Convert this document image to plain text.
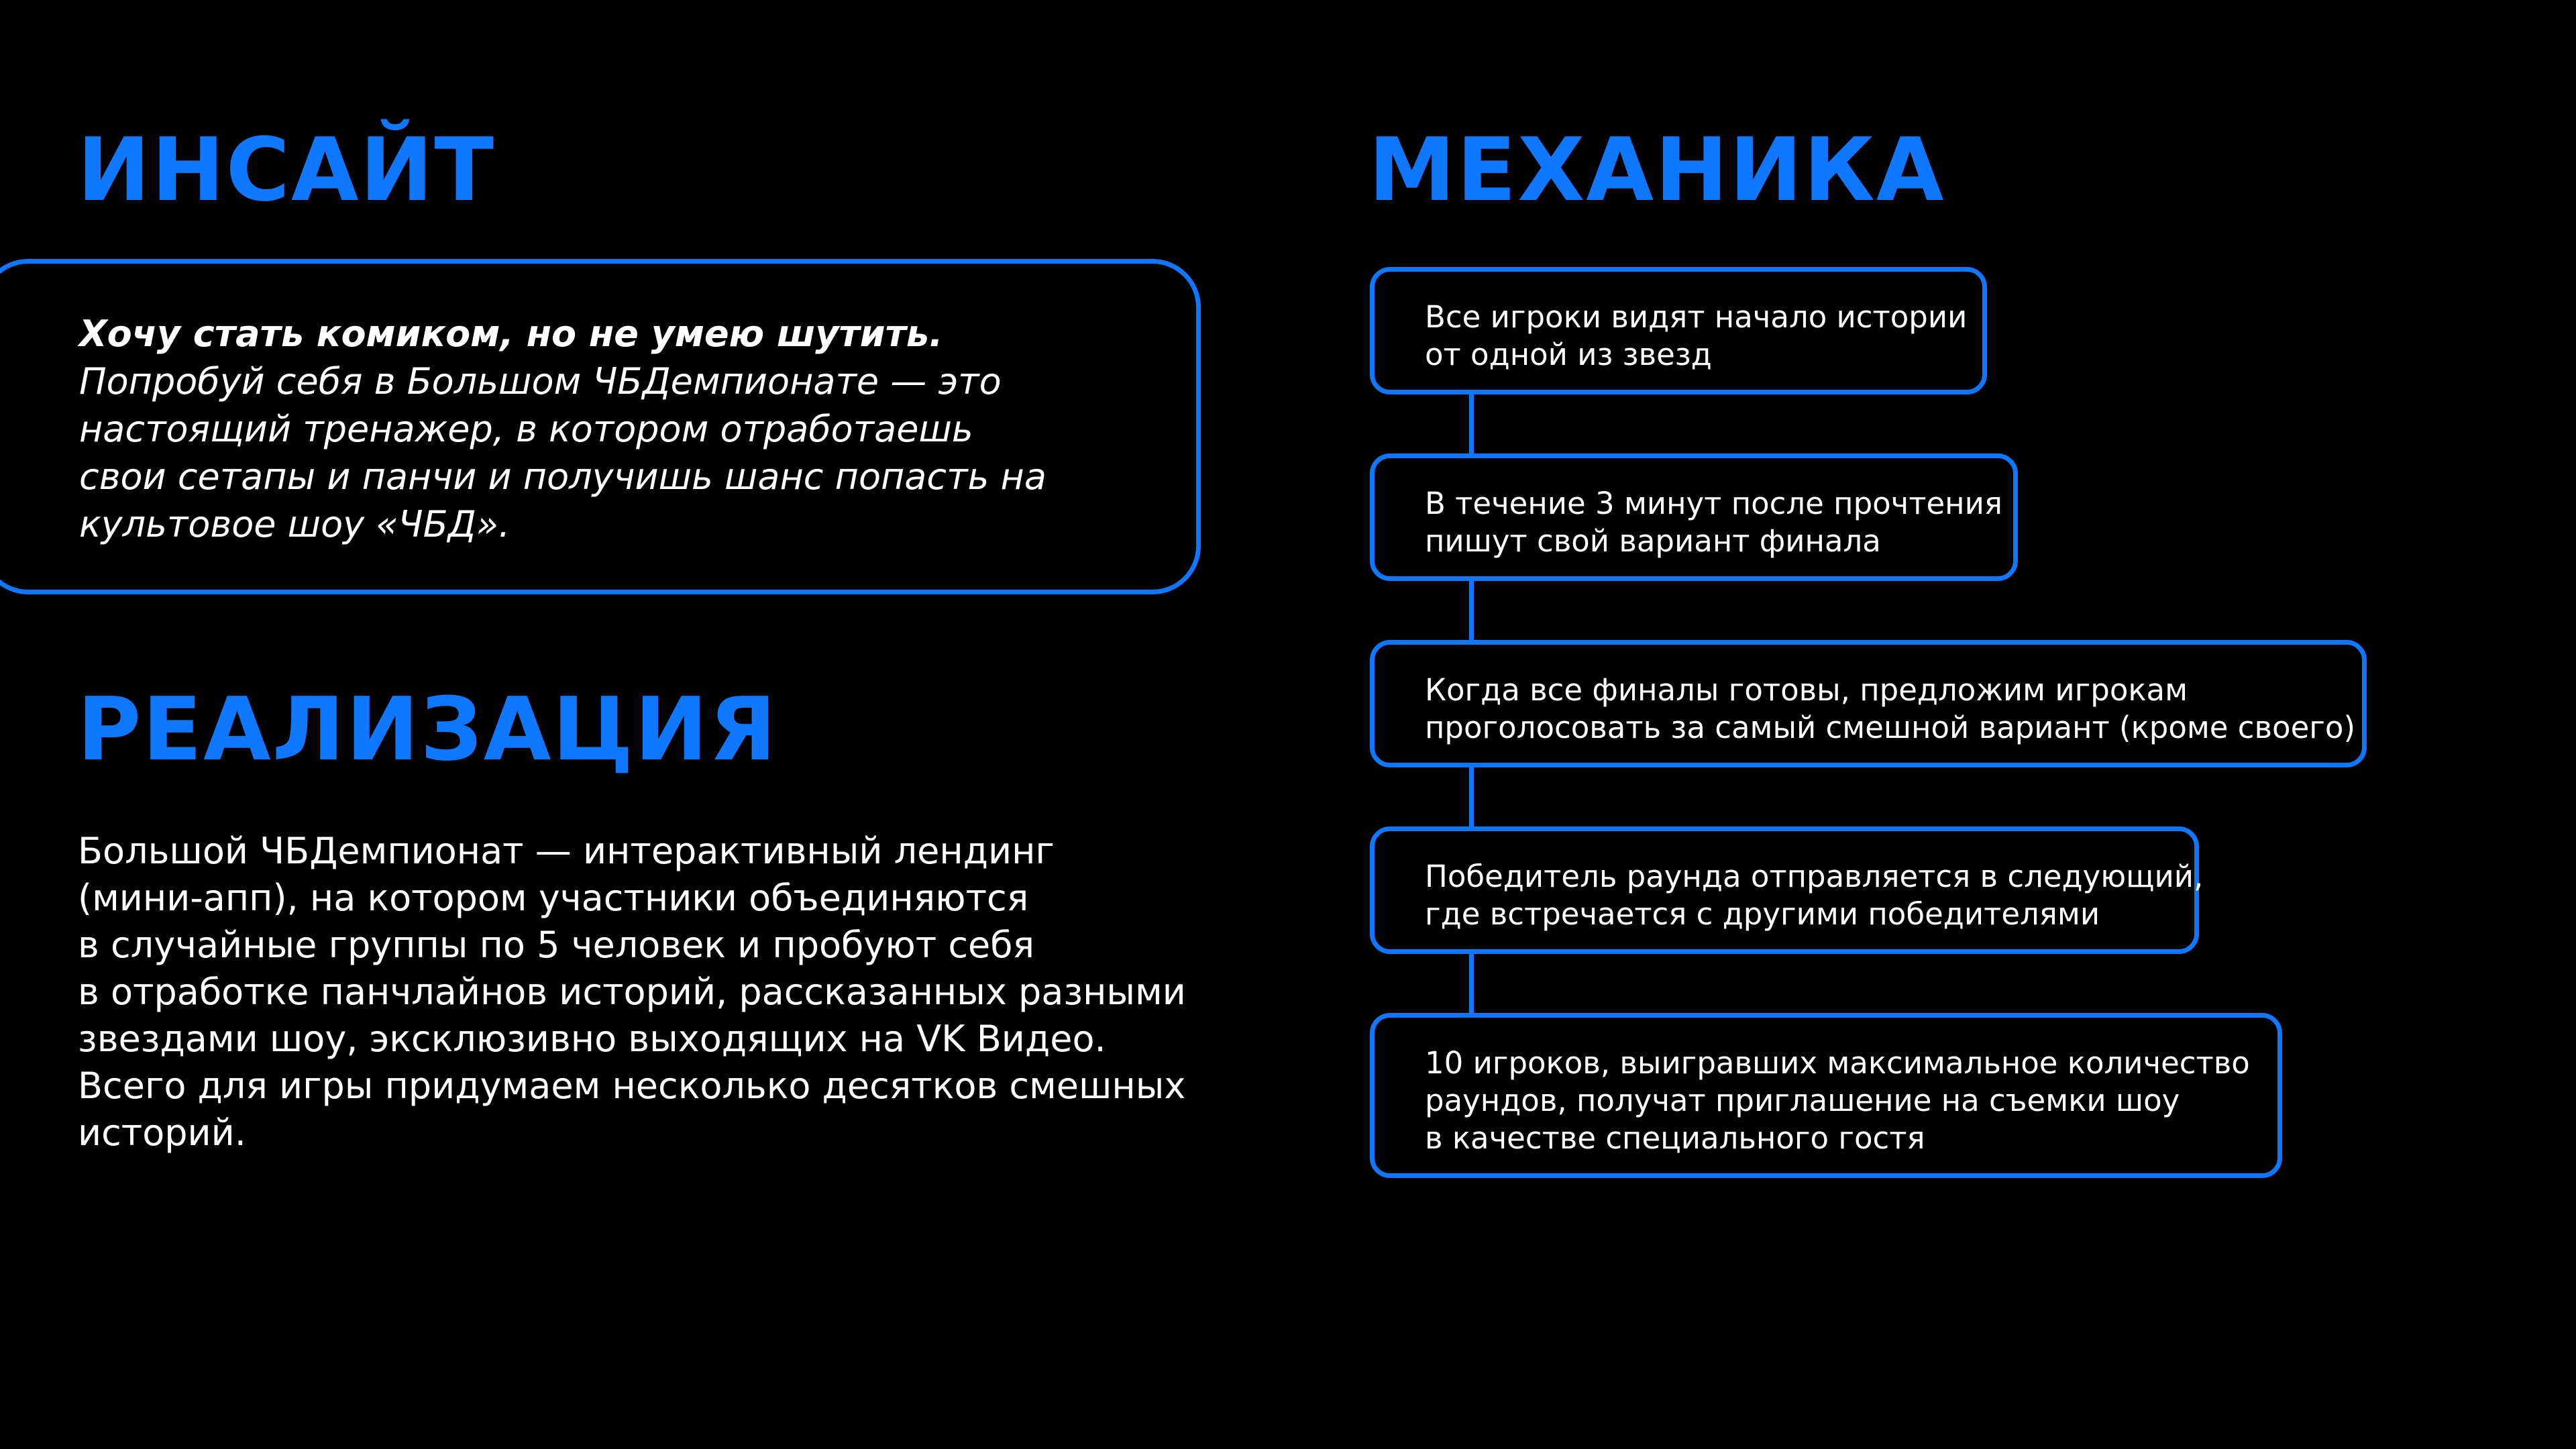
ИНСАЙТ
Хочу стать комиком, но не умею шутить.
Попробуй себя в Большом ЧБДемпионате — это
настоящий тренажер, в котором отработаешь
свои сетапы и панчи и получишь шанс попасть на
культовое шоу «ЧБД».
РЕАЛИЗАЦИЯ
Большой ЧБДемпионат — интерактивный лендинг
(мини-апп), на котором участники объединяются
в случайные группы по 5 человек и пробуют себя
в отработке панчлайнов историй, рассказанных разными
звездами шоу, эксклюзивно выходящих на VK Видео.
Всего для игры придумаем несколько десятков смешных
историй.
МЕХАНИКА
Все игроки видят начало истории
от одной из звезд
В течение 3 минут после прочтения
пишут свой вариант финала
Когда все финалы готовы, предложим игрокам
проголосовать за самый смешной вариант (кроме своего)
Победитель раунда отправляется в следующий,
где встречается с другими победителями
10 игроков, выигравших максимальное количество
раундов, получат приглашение на съемки шоу
в качестве специального гостя
